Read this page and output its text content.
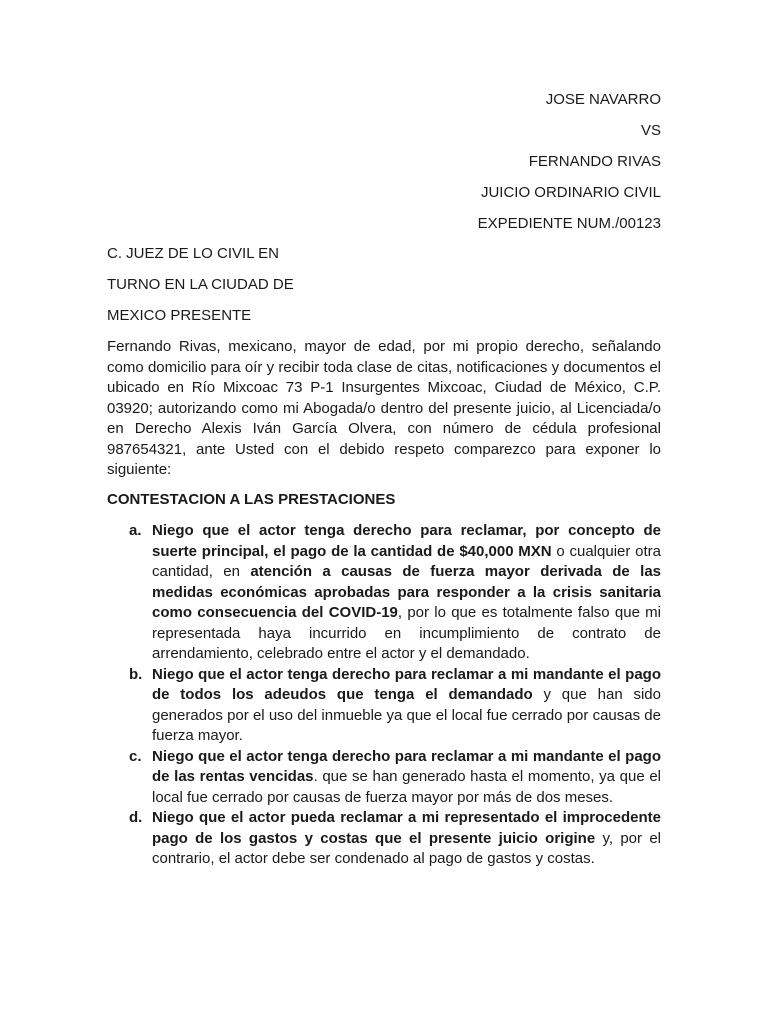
JOSE NAVARRO
VS
FERNANDO RIVAS
JUICIO ORDINARIO CIVIL
EXPEDIENTE NUM./00123
C. JUEZ DE LO CIVIL EN
TURNO EN LA CIUDAD DE
MEXICO PRESENTE
Fernando Rivas, mexicano, mayor de edad, por mi propio derecho, señalando como domicilio para oír y recibir toda clase de citas, notificaciones y documentos el ubicado en Río Mixcoac 73 P-1 Insurgentes Mixcoac, Ciudad de México, C.P. 03920; autorizando como mi Abogada/o dentro del presente juicio, al Licenciada/o en Derecho Alexis Iván García Olvera, con número de cédula profesional 987654321, ante Usted con el debido respeto comparezco para exponer lo siguiente:
CONTESTACION A LAS PRESTACIONES
a. Niego que el actor tenga derecho para reclamar, por concepto de suerte principal, el pago de la cantidad de $40,000 MXN o cualquier otra cantidad, en atención a causas de fuerza mayor derivada de las medidas económicas aprobadas para responder a la crisis sanitaria como consecuencia del COVID-19, por lo que es totalmente falso que mi representada haya incurrido en incumplimiento de contrato de arrendamiento, celebrado entre el actor y el demandado.
b. Niego que el actor tenga derecho para reclamar a mi mandante el pago de todos los adeudos que tenga el demandado y que han sido generados por el uso del inmueble ya que el local fue cerrado por causas de fuerza mayor.
c. Niego que el actor tenga derecho para reclamar a mi mandante el pago de las rentas vencidas. que se han generado hasta el momento, ya que el local fue cerrado por causas de fuerza mayor por más de dos meses.
d. Niego que el actor pueda reclamar a mi representado el improcedente pago de los gastos y costas que el presente juicio origine y, por el contrario, el actor debe ser condenado al pago de gastos y costas.
